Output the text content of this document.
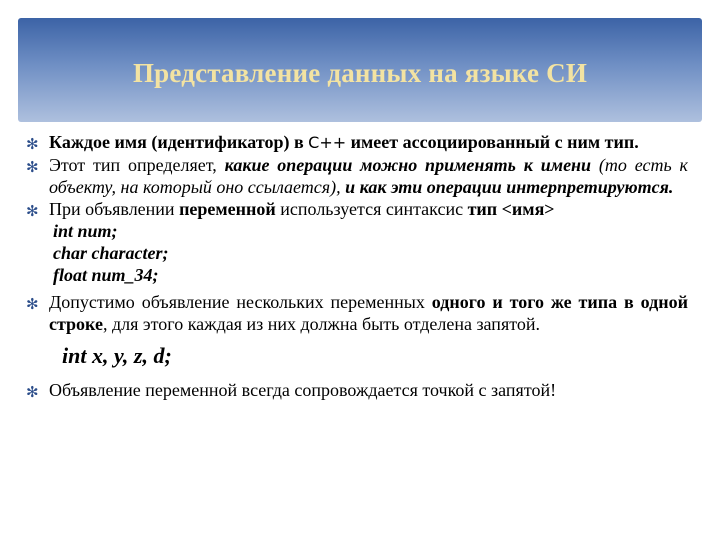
Представление данных на языке СИ
✻ Каждое имя (идентификатор) в С++ имеет ассоциированный с ним тип.
✻ Этот тип определяет, какие операции можно применять к имени (то есть к объекту, на который оно ссылается), и как эти операции интерпретируются.
✻ При объявлении переменной используется синтаксис тип <имя>
int num;
char character;
float num_34;
✻ Допустимо объявление нескольких переменных одного и того же типа в одной строке, для этого каждая из них должна быть отделена запятой.
int x, y, z, d;
✻ Объявление переменной всегда сопровождается точкой с запятой!
